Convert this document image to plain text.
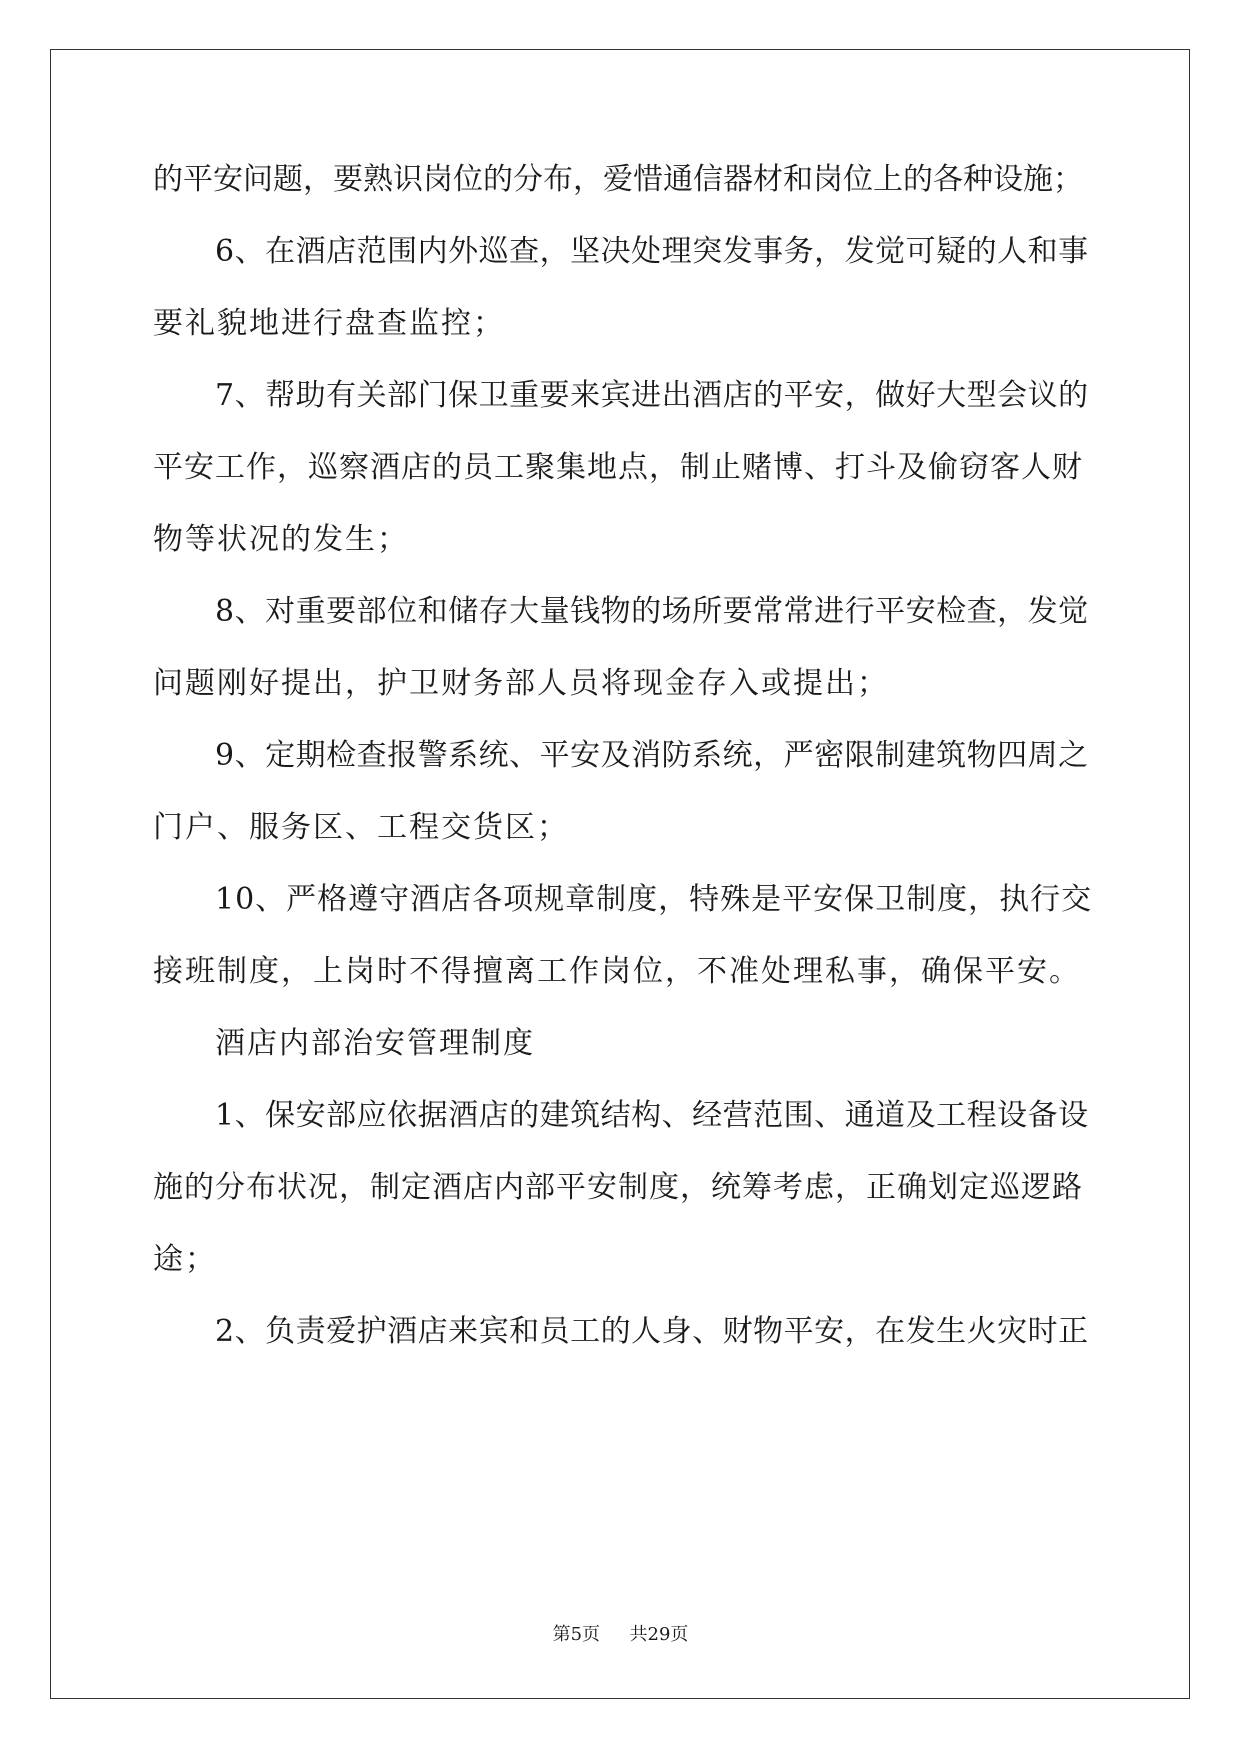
的平安问题，要熟识岗位的分布，爱惜通信器材和岗位上的各种设施；
6、在酒店范围内外巡查，坚决处理突发事务，发觉可疑的人和事
要礼貌地进行盘查监控；
7、帮助有关部门保卫重要来宾进出酒店的平安，做好大型会议的
平安工作，巡察酒店的员工聚集地点，制止赌博、打斗及偷窃客人财
物等状况的发生；
8、对重要部位和储存大量钱物的场所要常常进行平安检查，发觉
问题刚好提出，护卫财务部人员将现金存入或提出；
9、定期检查报警系统、平安及消防系统，严密限制建筑物四周之
门户、服务区、工程交货区；
10、严格遵守酒店各项规章制度，特殊是平安保卫制度，执行交
接班制度，上岗时不得擅离工作岗位，不准处理私事，确保平安。
酒店内部治安管理制度
1、保安部应依据酒店的建筑结构、经营范围、通道及工程设备设
施的分布状况，制定酒店内部平安制度，统筹考虑，正确划定巡逻路
途；
2、负责爱护酒店来宾和员工的人身、财物平安，在发生火灾时正
第5页 共29页
